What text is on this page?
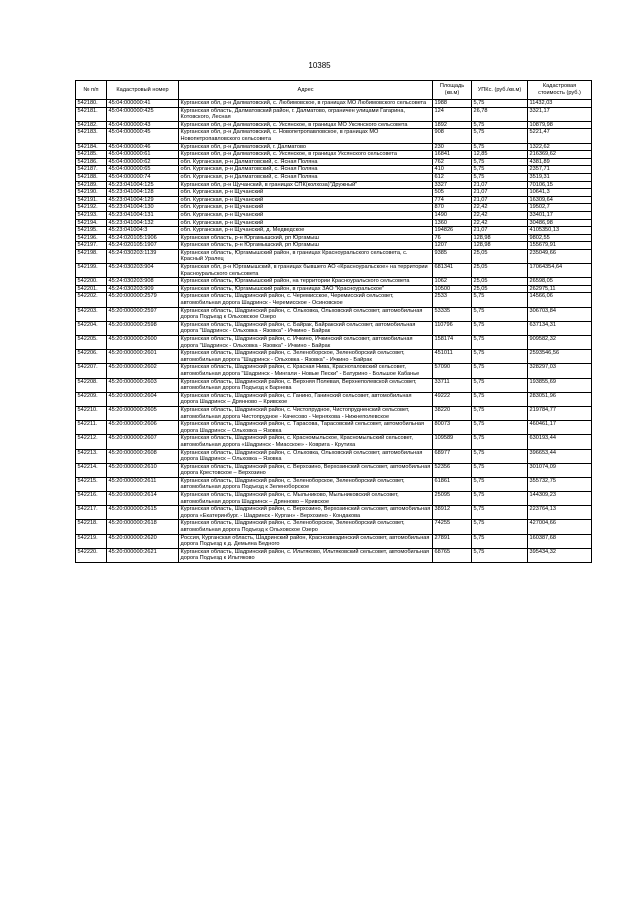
10385
№ п/п	Кадастровый номер	Адрес	Площадь (кв.м)	УПКс. (руб./кв.м)	Кадастровая стоимость (руб.)
542180.	45:04:000000:41	Курганская обл, р-н Далматовский, с. Любимовское, в границах МО Любимовского сельсовета	1988	5,75	11432,03
542181.	45:04:000000:425	Курганская область, Далматовский район, г. Далматово, ограничен улицами Гагарина, Котовского, Лесная	124	26,78	3321,17
542182.	45:04:000000:43	Курганская обл, р-н Далматовский, с. Уксянское, в границах МО Уксянского сельсовета	1892	5,75	10879,98
542183.	45:04:000000:45	Курганская обл, р-н Далматовский, с. Новопетропавловское, в границах МО Новопетропавловского сельсовета	908	5,75	5221,47
542184.	45:04:000000:46	Курганская обл, р-н Далматовский, г. Далматово	230	5,75	1322,62
542185.	45:04:000000:61	Курганская обл, р-н Далматовский, с. Уксянское, в границах Уксянского сельсовета	16841	12,85	216369,62
542186.	45:04:000000:62	обл. Курганская, р-н Далматовский, с. Ясная Поляна	762	5,75	4381,89
542187.	45:04:000000:65	обл. Курганская, р-н Далматовский, с. Ясная Поляна	410	5,75	2357,71
542188.	45:04:000000:74	обл. Курганская, р-н Далматовский, с. Ясная Поляна	612	5,75	3519,31
542189.	45:23:041004:125	Курганская обл, р-н Щучанский, в границах СПК(колхоза)"Дружный"	3327	21,07	70106,15
542190.	45:23:041004:128	обл. Курганская, р-н Щучанский	505	21,07	10641,3
542191.	45:23:041004:129	обл. Курганская, р-н Щучанский	774	21,07	16309,64
542192.	45:23:041004:130	обл. Курганская, р-н Щучанский	870	22,42	19502,7
542193.	45:23:041004:131	обл. Курганская, р-н Щучанский	1490	22,42	33401,17
542194.	45:23:041004:132	обл. Курганская, р-н Щучанский	1360	22,42	30486,98
542195.	45:23:041004:3	обл. Курганская, р-н Щучанский, д. Медведское	194826	21,07	4105350,13
542196.	45:24:020105:1906	Курганская область, р-н Юргамышский, рп Юргамыш	76	128,98	9802,55
542197.	45:24:020105:1907	Курганская область, р-н Юргамышский, рп Юргамыш	1207	128,98	155679,91
542198.	45:24:030203:1139	Курганская область, Юргамышский район, в границах Красноуральского сельсовета, с. Красный Уралец	9385	25,05	235049,66
542199.	45:24:030203:904	Курганская обл, р-н Юргамышский, в границах бывшего АО «Красноуральское» на территории Красноуральского сельсовета	681341	25,05	17064354,64
542200.	45:24:030203:908	Курганская область, Юргамышский район, на территории Красноуральского сельсовета	1062	25,05	26598,05
542201.	45:24:030203:909	Курганская область, Юргамышский район, в границах ЗАО "Красноуральское"	10500	25,05	262975,11
542202.	45:20:000000:2579	Курганская область, Шадринский район, с. Черемисское, Черемисский сельсовет, автомобильная дорога Шадринск - Черемисское - Осиновское	2533	5,75	14566,06
542203.	45:20:000000:2597	Курганская область, Шадринский район, с. Ольховка, Ольховский сельсовет, автомобильная дорога Подъезд к Ольховское Озеро	53335	5,75	306703,84
542204.	45:20:000000:2598	Курганская область, Шадринский район, с. Байрак, Байракский сельсовет, автомобильная дорога "Шадринск - Ольховка - Язовка" - Ичкино - Байрак	110796	5,75	637134,31
542205.	45:20:000000:2600	Курганская область, Шадринский район, с. Ичкино, Ичкинский сельсовет, автомобильная дорога "Шадринск - Ольховка - Язовка" - Ичкино - Байрак	158174	5,75	909582,32
542206.	45:20:000000:2601	Курганская область, Шадринский район, с. Зеленоборское, Зеленоборский сельсовет, автомобильная дорога "Шадринск - Ольховка - Язовка" - Ичкино - Байрак	451011	5,75	2593546,56
542207.	45:20:000000:2602	Курганская область, Шадринский район, с. Красная Нива, Красноталовский сельсовет, автомобильная дорога "Шадринск - Мингали - Новые Пески" - Батурино - Большое Кабанье	57090	5,75	328297,03
542208.	45:20:000000:2603	Курганская область, Шадринский район, с. Верхняя Полевая, Верхнеполевской сельсовет, автомобильная дорога Подъезд к Барнева	33711	5,75	193855,69
542209.	45:20:000000:2604	Курганская область, Шадринский район, с. Ганино, Ганинский сельсовет, автомобильная дорога Шадринск – Дрянново – Кривское	49222	5,75	283051,96
542210.	45:20:000000:2605	Курганская область, Шадринский район, с. Чистопрудное, Чистопрудненский сельсовет, автомобильная дорога Чистопрудное - Качесово - Черняхова - Нижнеполевское	38220	5,75	219784,77
542211.	45:20:000000:2606	Курганская область, Шадринский район, с. Тарасова, Тарасовский сельсовет, автомобильная дорога Шадринск – Ольховка – Язовка	80073	5,75	460461,17
542212.	45:20:000000:2607	Курганская область, Шадринский район, с. Красномыльское, Красномыльский сельсовет, автомобильная дорога «Шадринск - Миасское» - Ковригa - Крутиха	109589	5,75	630193,44
542213.	45:20:000000:2608	Курганская область, Шадринский район, с. Ольховка, Ольховский сельсовет, автомобильная дорога Шадринск – Ольховка – Язовка	68977	5,75	396653,44
542214.	45:20:000000:2610	Курганская область, Шадринский район, с. Верхозино, Верхозинский сельсовет, автомобильная дорога Крестовское – Верхозино	52356	5,75	301074,09
542215.	45:20:000000:2611	Курганская область, Шадринский район, с. Зеленоборское, Зеленоборский сельсовет, автомобильная дорога Подъезд к Зеленоборское	61861	5,75	355732,75
542216.	45:20:000000:2614	Курганская область, Шадринский район, с. Мыльниково, Мыльниковский сельсовет, автомобильная дорога Шадринск – Дрянново – Кривское	25095	5,75	144309,23
542217.	45:20:000000:2615	Курганская область, Шадринский район, с. Верхозино, Верхозинский сельсовет, автомобильная дорога «Екатеринбург. - Шадринск - Курган» - Верхозино - Кондакова	38912	5,75	223764,13
542218.	45:20:000000:2618	Курганская область, Шадринский район, с. Зеленоборское, Зеленоборский сельсовет, автомобильная дорога Подъезд к Ольховское Озеро	74255	5,75	427004,66
542219.	45:20:000000:2620	Россия, Курганская область, Шадринский район, Краснозвездинский сельсовет, автомобильная дорога Подъезд к д. Демьяна Бедного	27891	5,75	160387,68
542220.	45:20:000000:2621	Курганская область, Шадринский район, с. Ильтяково, Ильтяковский сельсовет, автомобильная дорога Подъезд к Ильтяково	68765	5,75	395434,32
